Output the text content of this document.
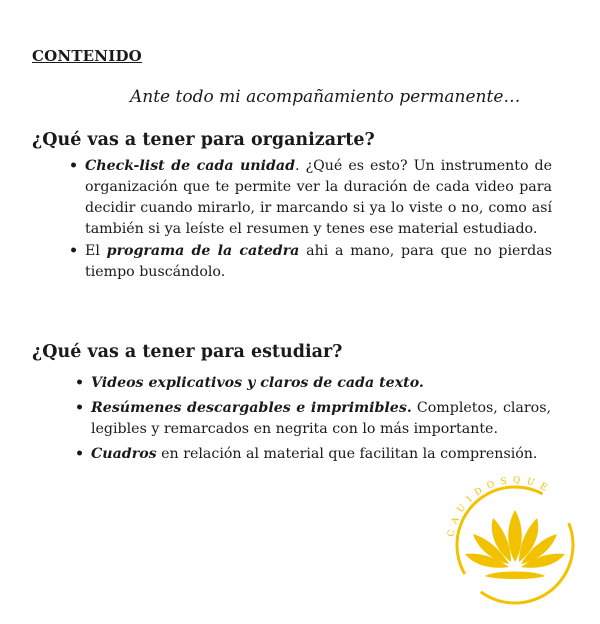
CONTENIDO
Ante todo mi acompañamiento permanente…
¿Qué vas a tener para organizarte?
• Check-list de cada unidad. ¿Qué es esto? Un instrumento de organización que te permite ver la duración de cada video para decidir cuando mirarlo, ir marcando si ya lo viste o no, como así también si ya leíste el resumen y tenes ese material estudiado.
• El programa de la catedra ahi a mano, para que no pierdas tiempo buscándolo.
¿Qué vas a tener para estudiar?
• Videos explicativos y claros de cada texto.
• Resúmenes descargables e imprimibles. Completos, claros, legibles y remarcados en negrita con lo más importante.
• Cuadros en relación al material que facilitan la comprensión.
CAUIDOSQUE
